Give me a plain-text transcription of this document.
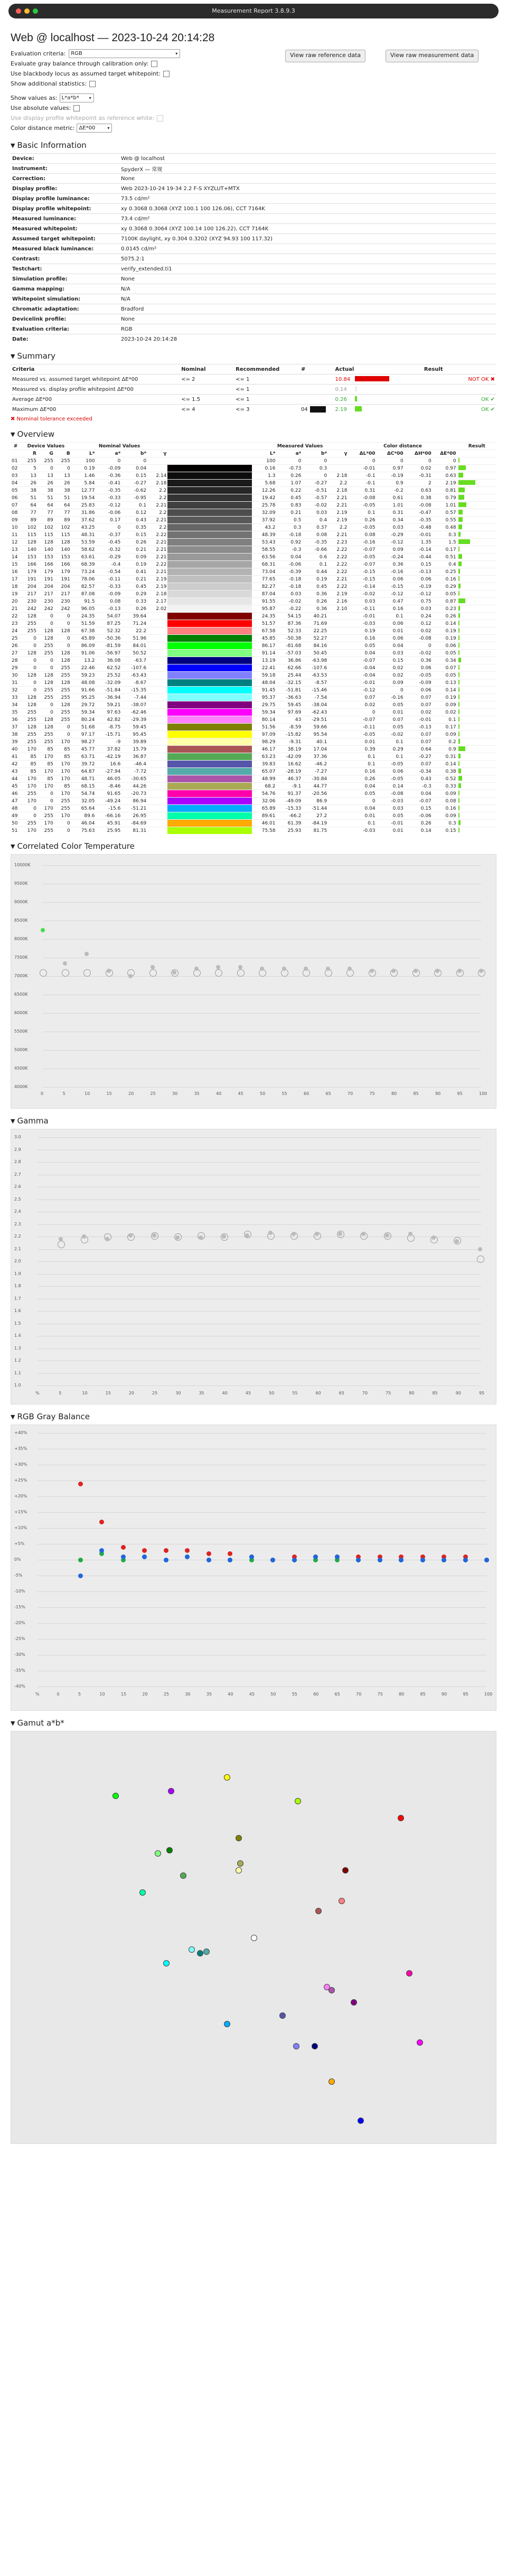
Measurement Report 3.8.9.3
Web @ localhost — 2023-10-24 20:14:28
Evaluation criteria:	RGB	▾	View raw reference data	View raw measurement data
Evaluate gray balance through calibration only:
Use blackbody locus as assumed target whitepoint:
Show additional statistics:
Show values as: L*a*b* ▾
Use absolute values:
Use display profile whitepoint as reference white:
Color distance metric: ΔE*00	▾
▼ Basic Information
Device:	Web @ localhost
Instrument:	SpyderX — 常规
Correction:	None
Display profile:	Web 2023-10-24 19-34 2.2 F-S XYZLUT+MTX
Display profile luminance:	73.5 cd/m²
Display profile whitepoint:	xy 0.3068 0.3068 (XYZ 100.1 100 126.06), CCT 7164K
Measured luminance:	73.4 cd/m²
Measured whitepoint:	xy 0.3068 0.3064 (XYZ 100.14 100 126.22), CCT 7164K
Assumed target whitepoint:	7100K daylight, xy 0.304 0.3202 (XYZ 94.93 100 117.32)
Measured black luminance:	0.0145 cd/m²
Contrast:	5075.2:1
Testchart:	verify_extended.ti1
Simulation profile:	None
Gamma mapping:	N/A
Whitepoint simulation:	N/A
Chromatic adaptation:	Bradford
Devicelink profile:	None
Evaluation criteria:	RGB
Date:	2023-10-24 20:14:28
▼ Summary
Criteria	Nominal	Recommended	#	Actual	Result
Measured vs. assumed target whitepoint ΔE*00	<= 2	<= 1		10.84	NOT OK ✖
Measured vs. display profile whitepoint ΔE*00		<= 1		0.14	
Average ΔE*00	<= 1.5	<= 1		0.26	OK ✔
Maximum ΔE*00	<= 4	<= 3	04	2.19	OK ✔
✖ Nominal tolerance exceeded
▼ Overview
#	Device Values			Nominal Values					Measured Values				Color distance				Result
	R	G	B	L*	a*	b*	γ		L*	a*	b*	γ	ΔL*00	ΔC*00	ΔH*00	ΔE*00	
01	255	255	255	100	0	0			100	0	0		0	0	0	0	
02	5	0	0	0.19	-0.09	0.04			0.16	-0.73	0.3		-0.01	0.97	0.02	0.97	
03	13	13	13	1.46	-0.36	0.15	2.14		1.3	0.26	0	2.18	-0.1	-0.19	-0.31	0.63	
04	26	26	26	5.84	-0.41	-0.27	2.18		5.68	1.07	-0.27	2.2	-0.1	0.9	2	2.19	
05	38	38	38	12.77	-0.35	-0.62	2.2		12.26	0.22	-0.51	2.18	0.31	-0.2	0.63	0.81	
06	51	51	51	19.54	-0.33	-0.95	2.2		19.42	0.45	-0.57	2.21	-0.08	0.61	0.38	0.79	
07	64	64	64	25.83	-0.12	0.1	2.21		25.78	0.83	-0.02	2.21	-0.05	1.01	-0.08	1.01	
08	77	77	77	31.86	-0.06	0.12	2.2		32.09	0.21	0.03	2.19	0.1	0.31	-0.47	0.57	
09	89	89	89	37.62	0.17	0.43	2.21		37.92	0.5	0.4	2.19	0.26	0.34	-0.35	0.55	
10	102	102	102	43.25	0	0.35	2.2		43.2	0.3	0.37	2.2	-0.05	0.03	-0.48	0.48	
11	115	115	115	48.31	-0.37	0.15	2.22		48.39	-0.18	0.08	2.21	0.08	-0.29	-0.01	0.3	
12	128	128	128	53.59	-0.45	0.26	2.21		53.43	0.92	-0.35	2.23	-0.16	-0.12	1.35	1.5	
13	140	140	140	58.62	-0.32	0.21	2.21		58.55	-0.3	-0.66	2.22	-0.07	0.09	-0.14	0.17	
14	153	153	153	63.61	-0.29	0.09	2.21		63.56	0.04	0.6	2.22	-0.05	-0.24	-0.44	0.51	
15	166	166	166	68.39	-0.4	0.19	2.22		68.31	-0.06	0.1	2.22	-0.07	0.36	0.15	0.4	
16	179	179	179	73.24	-0.54	0.41	2.21		73.04	-0.39	0.44	2.22	-0.15	-0.16	-0.13	0.25	
17	191	191	191	78.06	-0.11	0.21	2.19		77.65	-0.18	0.19	2.21	-0.15	0.06	0.06	0.16	
18	204	204	204	82.57	-0.33	0.45	2.19		82.27	-0.18	0.45	2.22	-0.14	-0.15	-0.19	0.29	
19	217	217	217	87.08	-0.09	0.29	2.18		87.04	0.03	0.36	2.19	-0.02	-0.12	-0.12	0.05	
20	230	230	230	91.5	0.08	0.33	2.17		91.55	-0.02	0.26	2.16	0.03	0.47	0.75	0.87	
21	242	242	242	96.05	-0.13	0.26	2.02		95.87	-0.22	0.36	2.10	-0.11	0.16	0.03	0.23	
22	128	0	0	24.35	54.07	39.64			24.35	54.15	40.21		-0.01	0.1	0.24	0.26	
23	255	0	0	51.59	87.25	71.24			51.57	87.36	71.69		-0.03	0.06	0.12	0.14	
24	255	128	128	67.38	52.32	22.2			67.58	52.33	22.25		0.19	0.01	0.02	0.19	
25	0	128	0	45.89	-50.36	51.96			45.85	-50.38	52.27		0.16	0.06	-0.08	0.19	
26	0	255	0	86.09	-81.59	84.01			86.17	-81.68	84.16		0.05	0.04	0	0.06	
27	128	255	128	91.06	-56.97	50.52			91.14	-57.03	50.45		0.04	0.03	-0.02	0.05	
28	0	0	128	13.2	36.08	-63.7			13.19	36.86	-63.98		-0.07	0.15	0.36	0.34	
29	0	0	255	22.46	62.52	-107.6			22.41	62.66	-107.6		-0.04	0.02	0.06	0.07	
30	128	128	255	59.23	25.52	-63.43			59.18	25.44	-63.53		-0.04	0.02	-0.05	0.05	
31	0	128	128	48.08	-32.09	-8.67			48.04	-32.15	-8.57		-0.01	0.09	-0.09	0.13	
32	0	255	255	91.66	-51.84	-15.35			91.45	-51.81	-15.46		-0.12	0	0.06	0.14	
33	128	255	255	95.25	-36.94	-7.44			95.37	-36.63	-7.54		0.07	-0.16	0.07	0.19	
34	128	0	128	29.72	59.21	-38.07			29.75	59.45	-38.04		0.02	0.05	0.07	0.09	
35	255	0	255	59.34	97.63	-62.46			59.34	97.69	-62.43		0	0.01	0.02	0.02	
36	255	128	255	80.24	42.82	-29.39			80.14	43	-29.51		-0.07	0.07	-0.01	0.1	
37	128	128	0	51.68	-8.75	59.45			51.56	-8.59	59.66		-0.11	0.05	-0.13	0.17	
38	255	255	0	97.17	-15.71	95.45			97.09	-15.82	95.54		-0.05	-0.02	0.07	0.09	
39	255	255	170	98.27	-9	39.89			98.29	-9.31	40.1		0.01	0.1	0.07	0.2	
40	170	85	85	45.77	37.82	15.79			46.17	38.19	17.04		0.39	0.29	0.64	0.9	
41	85	170	85	63.71	-42.19	36.87			63.23	-42.09	37.36		0.1	0.1	-0.27	0.31	
42	85	85	170	39.72	16.6	-46.4			39.83	16.62	-46.2		0.1	-0.05	0.07	0.14	
43	85	170	170	64.87	-27.94	-7.72			65.07	-28.19	-7.27		0.16	0.06	-0.34	0.38	
44	170	85	170	48.71	46.05	-30.65			48.99	46.37	-30.84		0.26	-0.05	0.43	0.52	
45	170	170	85	68.15	-8.46	44.26			68.2	-9.1	44.77		0.04	0.14	-0.3	0.33	
46	255	0	170	54.74	91.65	-20.73			54.76	91.37	-20.56		0.05	-0.08	0.04	0.09	
47	170	0	255	32.05	-49.24	86.94			32.06	-49.09	86.9		0	-0.03	-0.07	0.08	
48	0	170	255	65.64	-15.6	-51.21			65.89	-15.33	-51.44		0.04	0.03	0.15	0.16	
49	0	255	170	89.6	-66.16	26.95			89.61	-66.2	27.2		0.01	0.05	-0.06	0.09	
50	255	170	0	46.04	45.91	-84.69			46.01	61.39	-84.19		0.1	-0.01	0.26	0.3	
51	170	255	0	75.63	25.95	81.31			75.58	25.93	81.75		-0.03	0.01	0.14	0.15	
▼ Correlated Color Temperature
10000K
9500K
9000K
8500K
8000K
7500K
7000K
6500K
6000K
5500K
5000K
4500K
4000K
0	5	10	15	20	25	30	35	40	45	50	55	60	65	70	75	80	85	90	95	100
▼ Gamma
3.0
2.9
2.8
2.7
2.6
2.5
2.4
2.3
2.2
2.1
2.0
1.9
1.8
1.7
1.6
1.5
1.4
1.3
1.2
1.1
1.0
%	5	10	15	20	25	30	35	40	45	50	55	60	65	70	75	80	85	90	95
▼ RGB Gray Balance
+40%
+35%
+30%
+25%
+20%
+15%
+10%
+5%
0%
-5%
-10%
-15%
-20%
-25%
-30%
-35%
-40%
%	0	5	10	15	20	25	30	35	40	45	50	55	60	65	70	75	80	85	90	95	100
▼ Gamut a*b*
